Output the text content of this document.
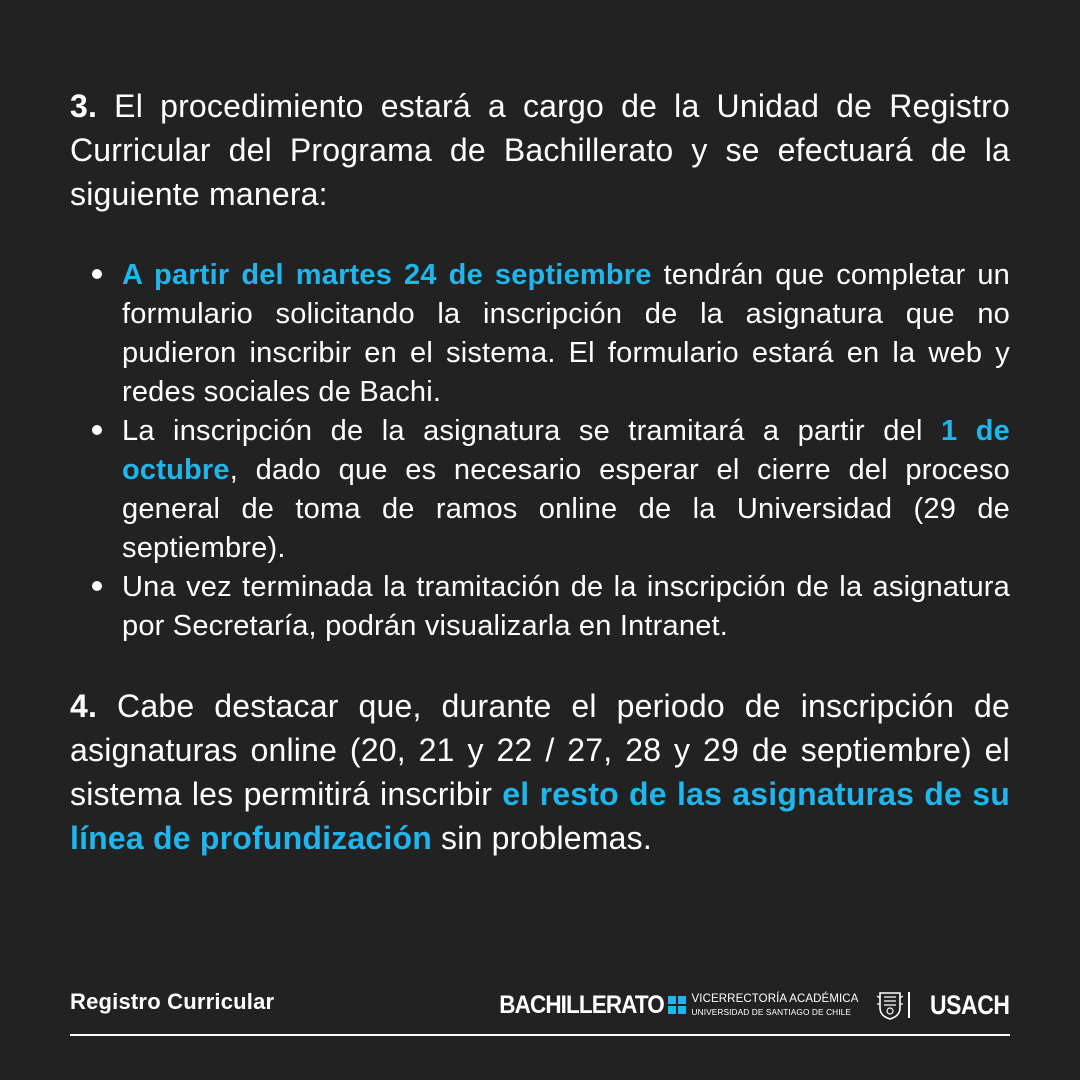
3. El procedimiento estará a cargo de la Unidad de Registro Curricular del Programa de Bachillerato y se efectuará de la siguiente manera:

A partir del martes 24 de septiembre tendrán que completar un formulario solicitando la inscripción de la asignatura que no pudieron inscribir en el sistema. El formulario estará en la web y redes sociales de Bachi.
La inscripción de la asignatura se tramitará a partir del 1 de octubre, dado que es necesario esperar el cierre del proceso general de toma de ramos online de la Universidad (29 de septiembre).
Una vez terminada la tramitación de la inscripción de la asignatura por Secretaría, podrán visualizarla en Intranet.

4. Cabe destacar que, durante el periodo de inscripción de asignaturas online (20, 21 y 22 / 27, 28 y 29 de septiembre) el sistema les permitirá inscribir el resto de las asignaturas de su línea de profundización sin problemas.

Registro Curricular	BACHILLERATO VICERRECTORÍA ACADÉMICA
UNIVERSIDAD DE SANTIAGO DE CHILE	USACH
